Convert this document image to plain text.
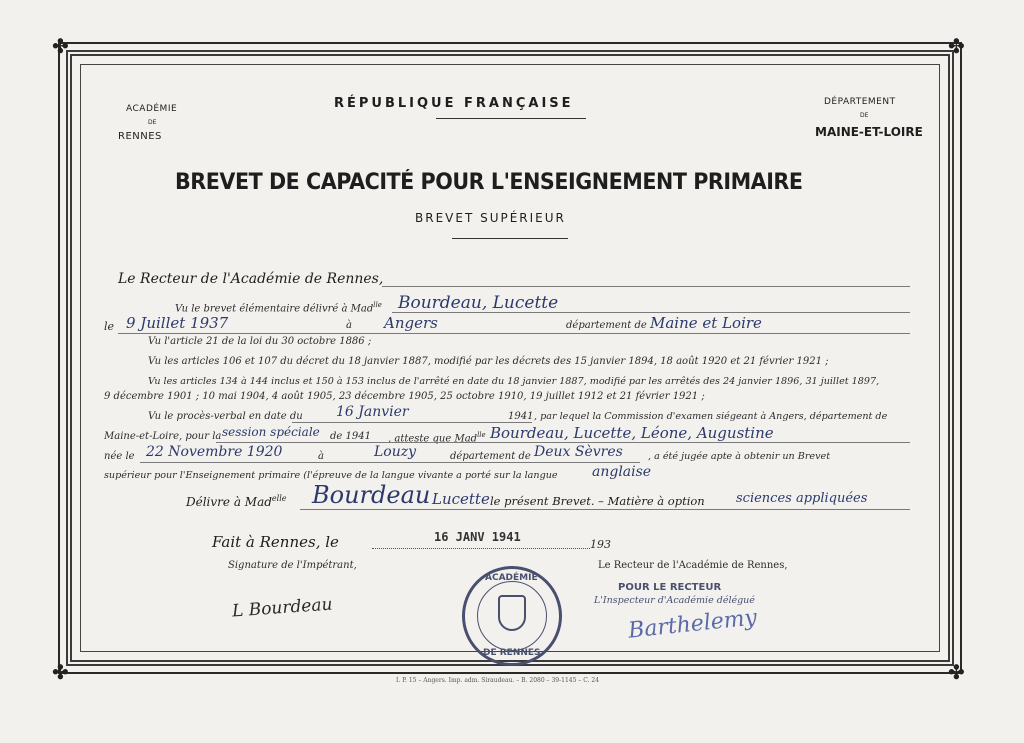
✤	✤
✤	✤
ACADÉMIE
DE
RENNES
RÉPUBLIQUE FRANÇAISE	DÉPARTEMENT
DE
MAINE-ET-LOIRE
BREVET DE CAPACITÉ POUR L'ENSEIGNEMENT PRIMAIRE
BREVET SUPÉRIEUR
Le Recteur de l'Académie de Rennes,
Vu le brevet élémentaire délivré à Mad$^{lle}$ Bourdeau, Lucette
le 9 Juillet 1937	à Angers	département de Maine et Loire
Vu l'article 21 de la loi du 30 octobre 1886 ;
Vu les articles 106 et 107 du décret du 18 janvier 1887, modifié par les décrets des 15 janvier 1894, 18 août 1920 et 21 février 1921 ;
Vu les articles 134 à 144 inclus et 150 à 153 inclus de l'arrêté en date du 18 janvier 1887, modifié par les arrêtés des 24 janvier 1896, 31 juillet 1897,
9 décembre 1901 ; 10 mai 1904, 4 août 1905, 23 décembre 1905, 25 octobre 1910, 19 juillet 1912 et 21 février 1921 ;
Vu le procès-verbal en date du 16 Janvier	1941 , par lequel la Commission d'examen siégeant à Angers, département de
Maine-et-Loire, pour la session spéciale de 1941 , atteste que Mad$^{lle}$ Bourdeau, Lucette, Léone, Augustine
née le 22 Novembre 1920	à	Louzy	département de Deux Sèvres	, a été jugée apte à obtenir un Brevet
supérieur pour l'Enseignement primaire (l'épreuve de la langue vivante a porté sur la langue anglaise
Délivre à Mad$^{elle}$ Bourdeau Lucette le présent Brevet. – Matière à option sciences appliquées
Fait à Rennes, le	16 JANV 1941
193
Signature de l'Impétrant,	Le Recteur de l'Académie de Rennes,
POUR LE RECTEUR
L'Inspecteur d'Académie délégué
L Bourdeau	Barthelemy
ACADÉMIE
DE RENNES
I. P. 15 – Angers. Imp. adm. Siraudeau. – B. 2080 – 39-1145 – C. 24
